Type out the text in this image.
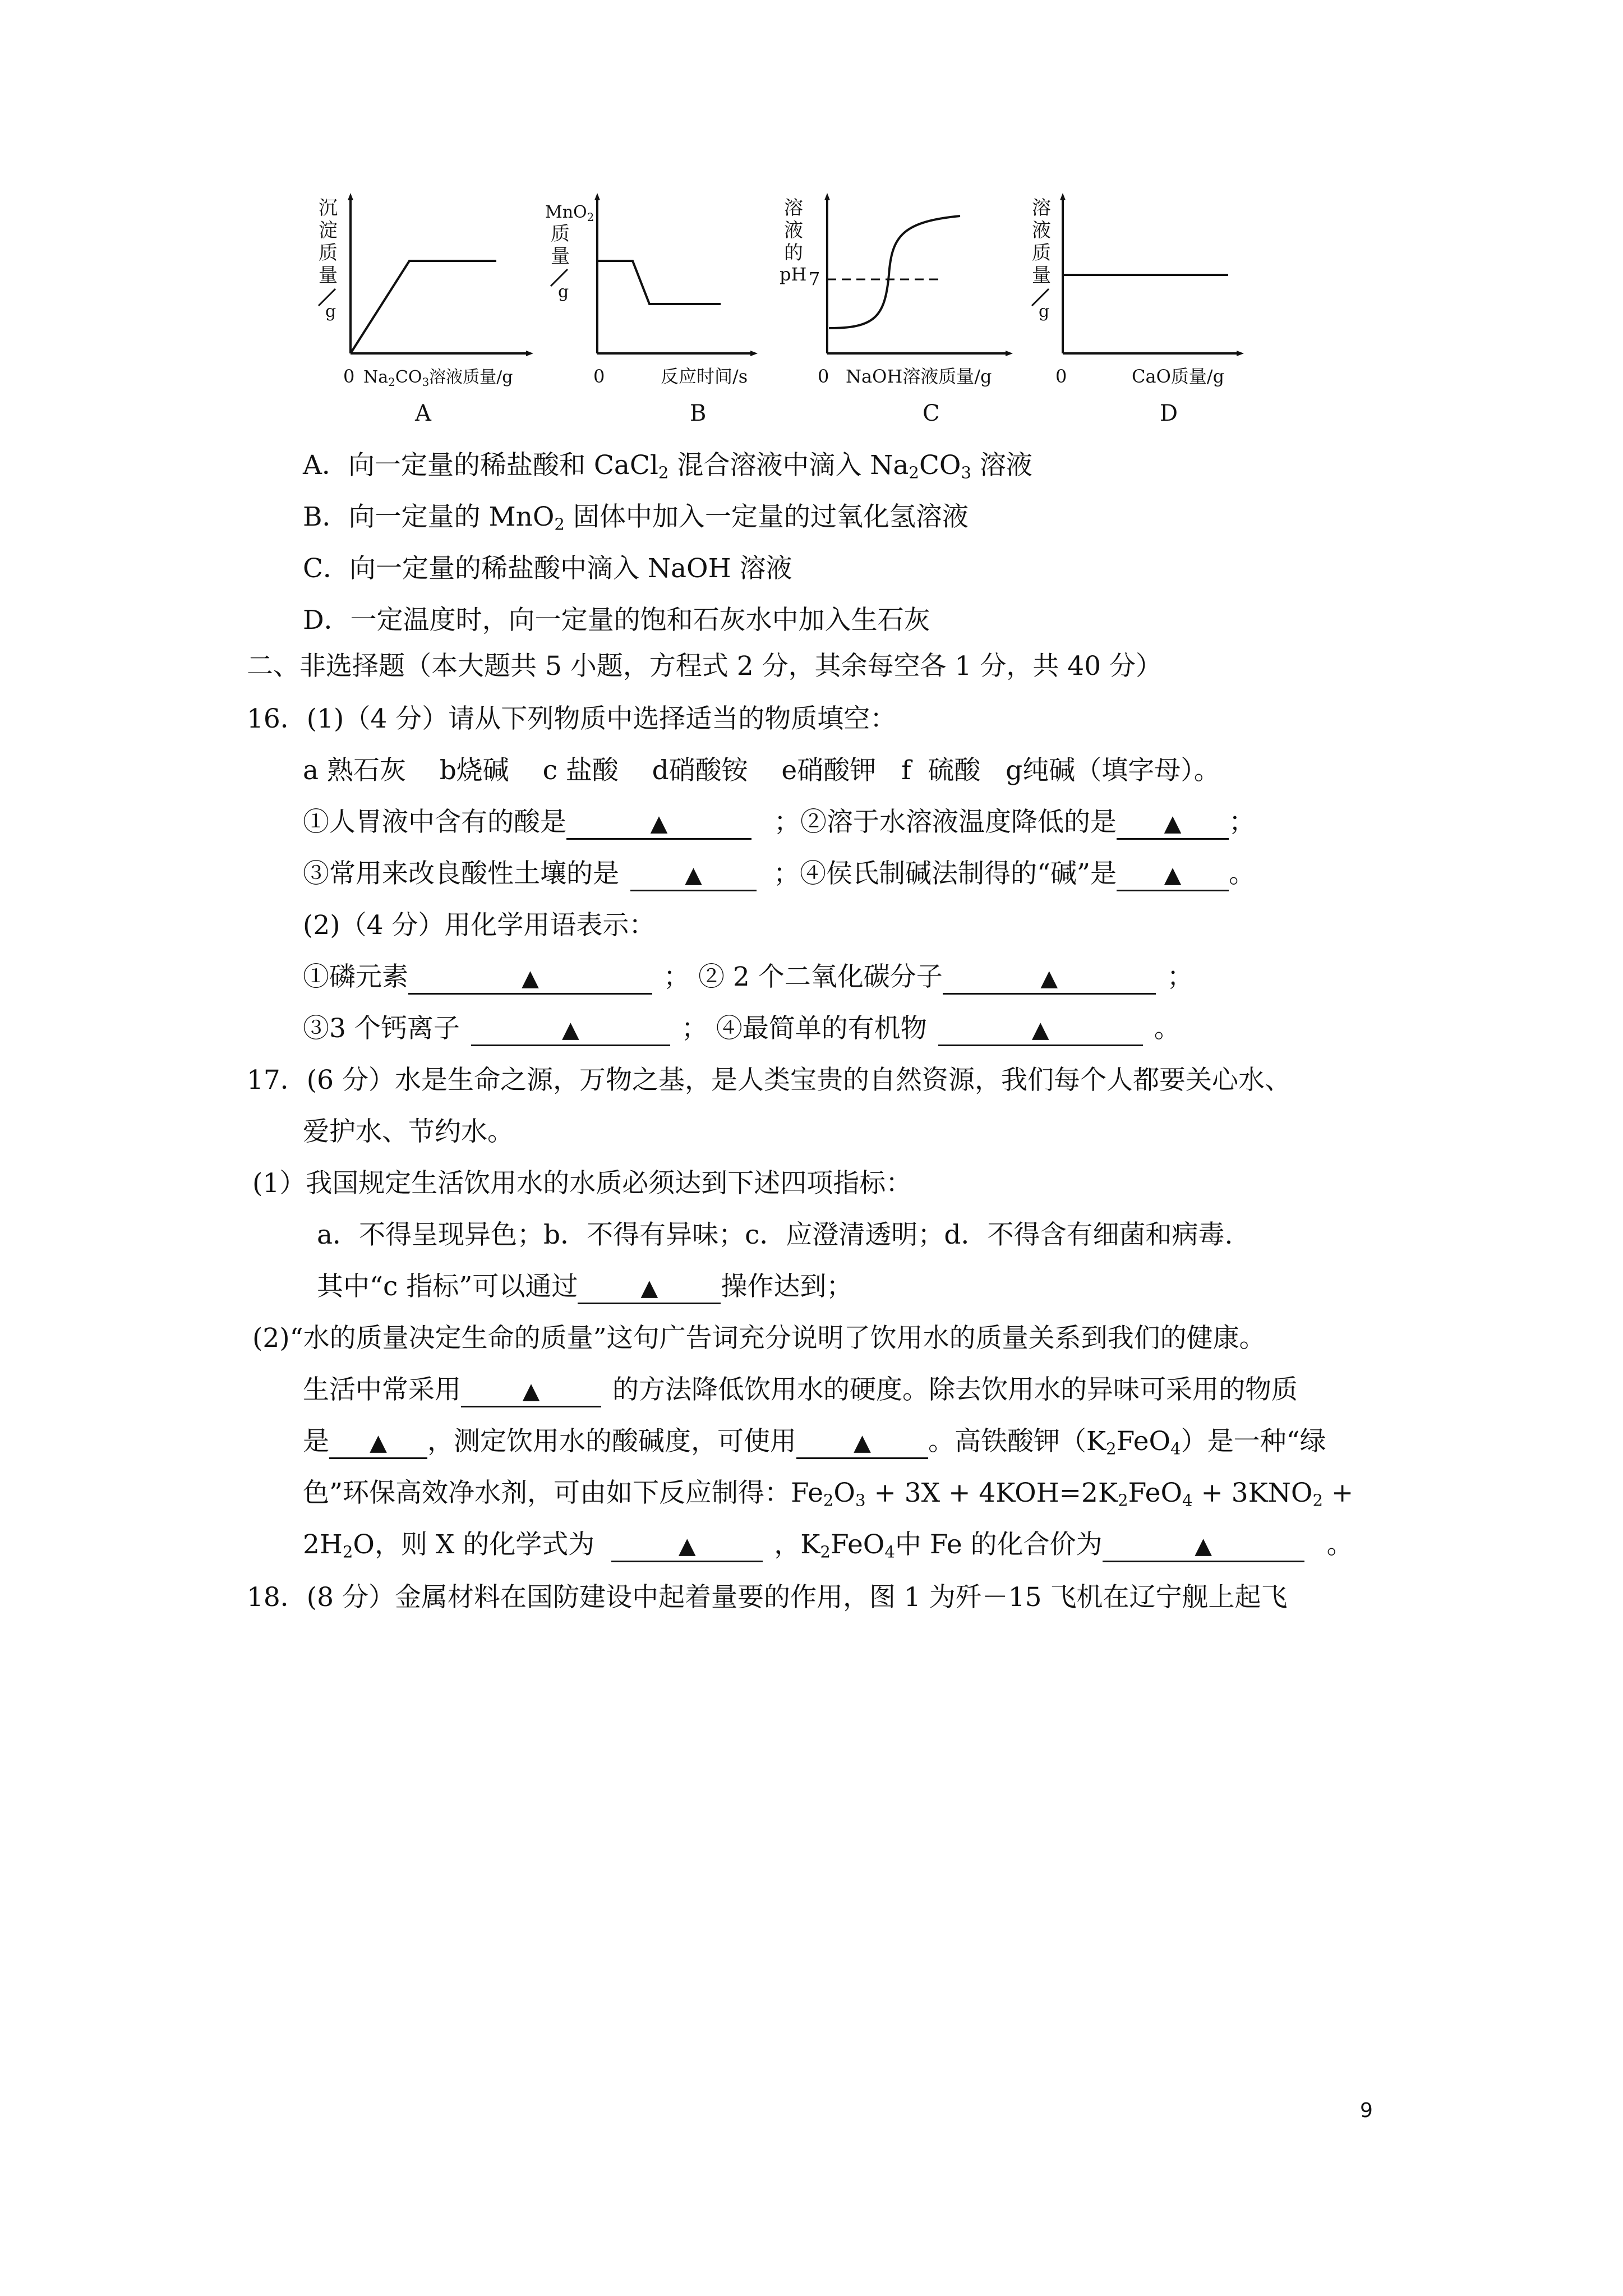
沉
淀
质
量
g
0 $Na_2CO_3$溶液质量/g
A
MnO$_2$
质
量
g
0	反应时间/s
B
溶
液
的
pH 7
0 NaOH溶液质量/g
C
溶
液
质
量
g
0	CaO质量/g
D
A．向一定量的稀盐酸和 CaCl$_2$ 混合溶液中滴入 $Na_2CO_3$ 溶液
B．向一定量的 MnO$_2$ 固体中加入一定量的过氧化氢溶液
C．向一定量的稀盐酸中滴入 NaOH 溶液
D．一定温度时，向一定量的饱和石灰水中加入生石灰
二、非选择题（本大题共 5 小题，方程式 2 分，其余每空各 1 分，共 40 分）
16．(1)（4 分）请从下列物质中选择适当的物质填空：
a 熟石灰    b烧碱    c 盐酸    d硝酸铵    e硝酸钾   f  硫酸   g纯碱（填字母）。
①人胃液中含有的酸是	▲	；②溶于水溶液温度降低的是 ▲ ；
③常用来改良酸性土壤的是	▲	；④侯氏制碱法制得的“碱”是 ▲ 。
(2)（4 分）用化学用语表示：
①磷元素	▲	； ② 2 个二氧化碳分子	▲	；
③3 个钙离子	▲	； ④最简单的有机物	▲	。
17．(6 分）水是生命之源，万物之基，是人类宝贵的自然资源，我们每个人都要关心水、
爱护水、节约水。
(1）我国规定生活饮用水的水质必须达到下述四项指标：
a．不得呈现异色；b．不得有异味；c．应澄清透明；d．不得含有细菌和病毒.
其中“c 指标”可以通过	▲ 操作达到；
(2)“水的质量决定生命的质量”这句广告词充分说明了饮用水的质量关系到我们的健康。
生活中常采用	▲	的方法降低饮用水的硬度。除去饮用水的异味可采用的物质
是 ▲ ，测定饮用水的酸碱度，可使用	▲ 。高铁酸钾$(K_2FeO_4)$是一种“绿
色”环保高效净水剂，可由如下反应制得：$Fe_2O_3 + 3X + 4KOH=2K_2FeO_4 + 3KNO_2$ +
$2H_2O$，则 X 的化学式为	▲	，$K_2FeO_4$中 Fe 的化合价为	▲	。
18．(8 分）金属材料在国防建设中起着量要的作用，图 1 为歼－15 飞机在辽宁舰上起飞
9
